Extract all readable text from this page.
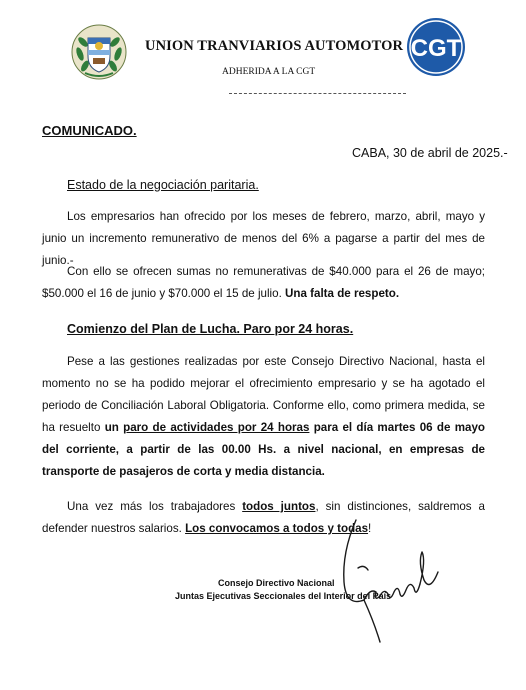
UNION TRANVIARIOS AUTOMOTOR
ADHERIDA A LA CGT
CGT
COMUNICADO.
CABA, 30 de abril de 2025.-
Estado de la negociación paritaria.
Los empresarios han ofrecido por los meses de febrero, marzo, abril, mayo y junio un incremento remunerativo de menos del 6% a pagarse a partir del mes de junio.-
Con ello se ofrecen sumas no remunerativas de $40.000 para el 26 de mayo; $50.000 el 16 de junio y $70.000 el 15 de julio. Una falta de respeto.
Comienzo del Plan de Lucha. Paro por 24 horas.
Pese a las gestiones realizadas por este Consejo Directivo Nacional, hasta el momento no se ha podido mejorar el ofrecimiento empresario y se ha agotado el periodo de Conciliación Laboral Obligatoria. Conforme ello, como primera medida, se ha resuelto un paro de actividades por 24 horas para el día martes 06 de mayo del corriente, a partir de las 00.00 Hs. a nivel nacional, en empresas de transporte de pasajeros de corta y media distancia.
Una vez más los trabajadores todos juntos, sin distinciones, saldremos a defender nuestros salarios. Los convocamos a todos y todas!
Consejo Directivo Nacional
Juntas Ejecutivas Seccionales del Interior del País
